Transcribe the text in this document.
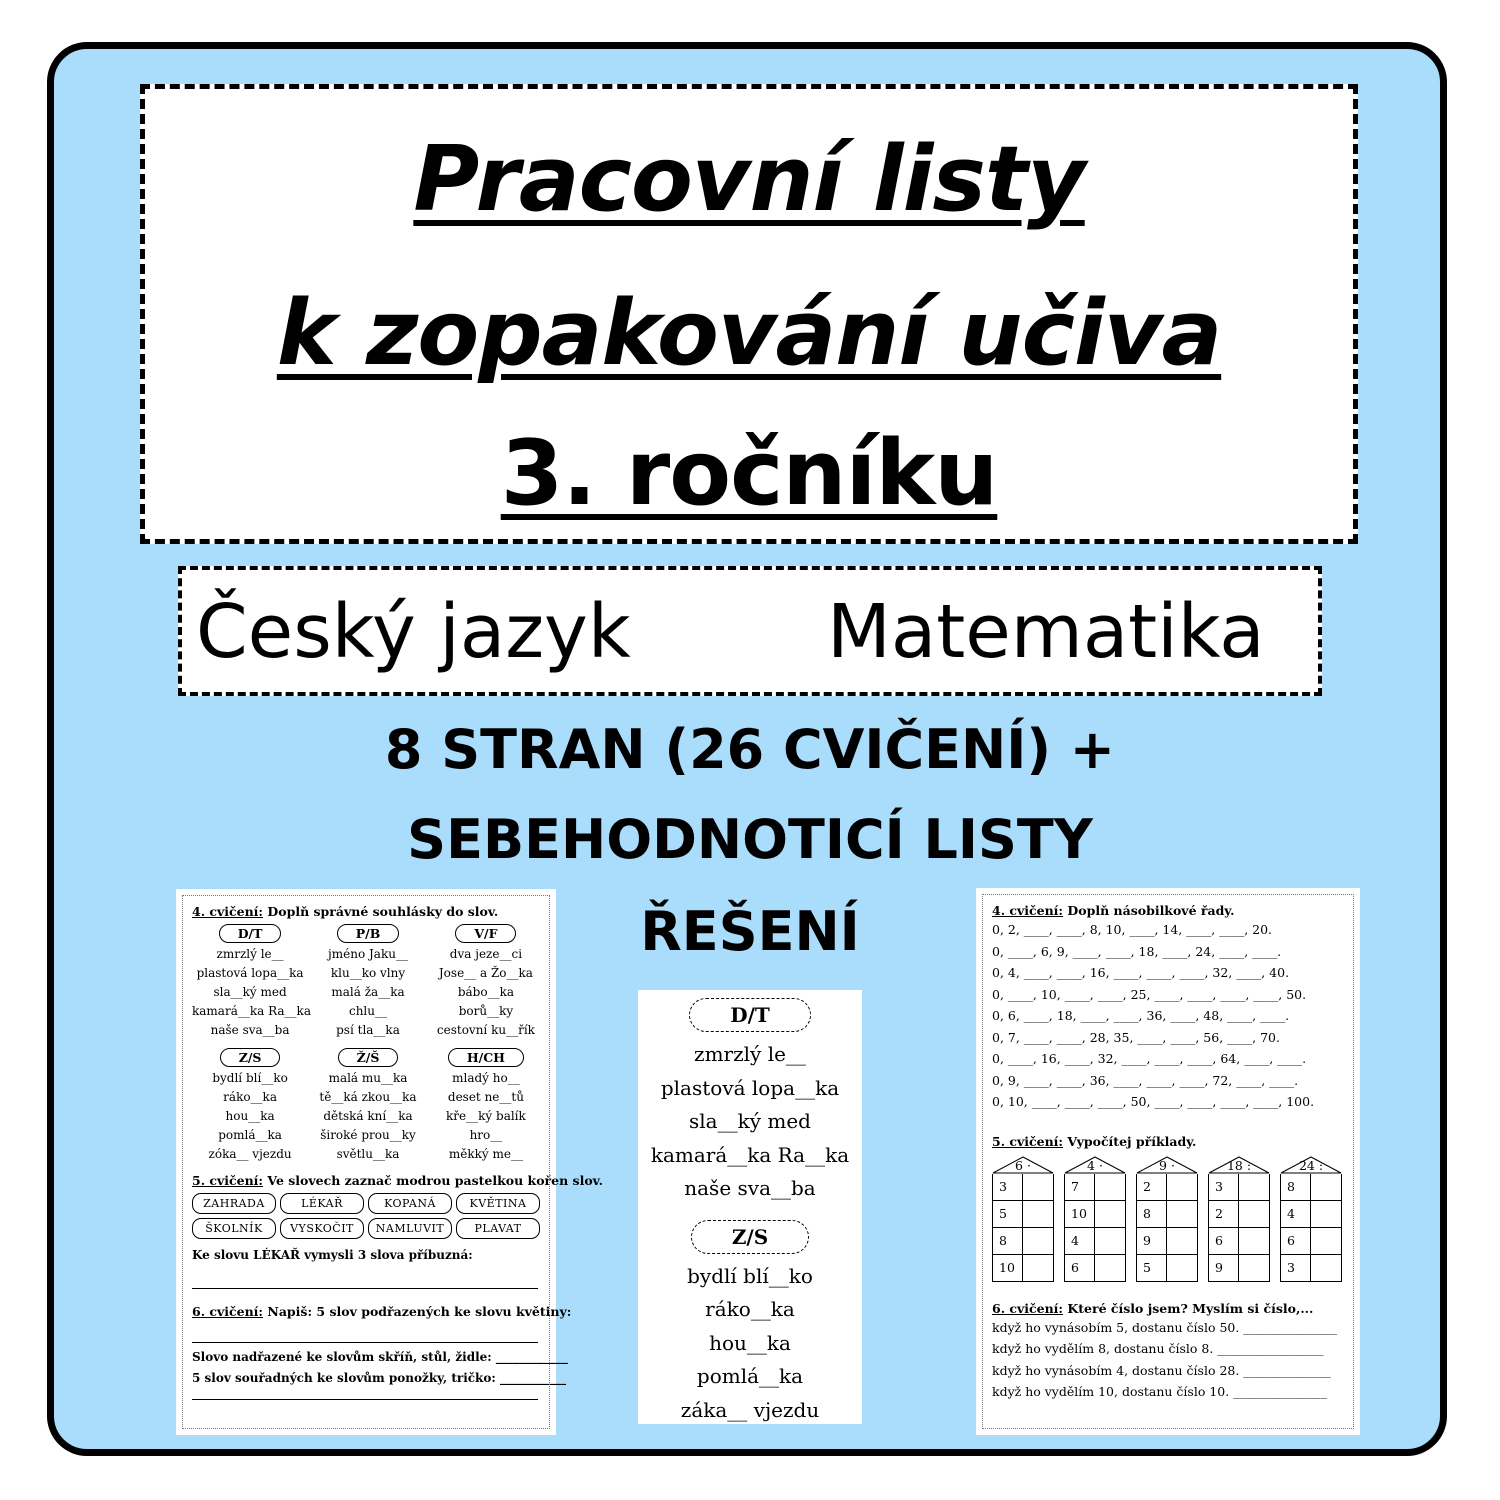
Pracovní listy
k zopakování učiva
3. ročníku
Český jazyk	Matematika
8 STRAN (26 CVIČENÍ) +
SEBEHODNOTICÍ LISTY
ŘEŠENÍ
4. cvičení: Doplň správné souhlásky do slov.
D/T
zmrzlý le__
plastová lopa__ka
sla__ký med
kamará__ka Ra__ka
naše sva__ba
P/B
jméno Jaku__
klu__ko vlny
malá ža__ka
chlu__
psí tla__ka
V/F
dva jeze__ci
Jose__ a Žo__ka
bábo__ka
borů__ky
cestovní ku__řík
Z/S
bydlí blí__ko
ráko__ka
hou__ka
pomlá__ka
zóka__ vjezdu
Ž/Š
malá mu__ka
tě__ká zkou__ka
dětská kní__ka
široké prou__ky
světlu__ka
H/CH
mladý ho__
deset ne__tů
kře__ký balík
hro__
měkký me__
5. cvičení: Ve slovech zaznač modrou pastelkou kořen slov.
ZAHRADA	LÉKAŘ	KOPANÁ	KVĚTINA
ŠKOLNÍK	VYSKOČIT	NAMLUVIT	PLAVAT
Ke slovu LÉKAŘ vymysli 3 slova příbuzná:
6. cvičení: Napiš: 5 slov podřazených ke slovu květiny:
Slovo nadřazené ke slovům skříň, stůl, židle: ____________
5 slov souřadných ke slovům ponožky, tričko: ___________
D/T
zmrzlý le__
plastová lopa__ka
sla__ký med
kamará__ka Ra__ka
naše sva__ba
Z/S
bydlí blí__ko
ráko__ka
hou__ka
pomlá__ka
záka__ vjezdu
4. cvičení: Doplň násobilkové řady.
0, 2, ____, ____, 8, 10, ____, 14, ____, ____, 20.
0, ____, 6, 9, ____, ____, 18, ____, 24, ____, ____.
0, 4, ____, ____, 16, ____, ____, ____, 32, ____, 40.
0, ____, 10, ____, ____, 25, ____, ____, ____, ____, 50.
0, 6, ____, 18, ____, ____, 36, ____, 48, ____, ____.
0, 7, ____, ____, 28, 35, ____, ____, 56, ____, 70.
0, ____, 16, ____, 32, ____, ____, ____, 64, ____, ____.
0, 9, ____, ____, 36, ____, ____, ____, 72, ____, ____.
0, 10, ____, ____, ____, 50, ____, ____, ____, ____, 100.
5. cvičení: Vypočítej příklady.
6 ·
3
5
8
10
4 ·
7
10
4
6
9 ·
2
8
9
5
18 :
3
2
6
9
24 :
8
4
6
3
6. cvičení: Které číslo jsem? Myslím si číslo,...
když ho vynásobím 5, dostanu číslo 50. _______________
když ho vydělím 8, dostanu číslo 8. _________________
když ho vynásobím 4, dostanu číslo 28. ______________
když ho vydělím 10, dostanu číslo 10. _______________
